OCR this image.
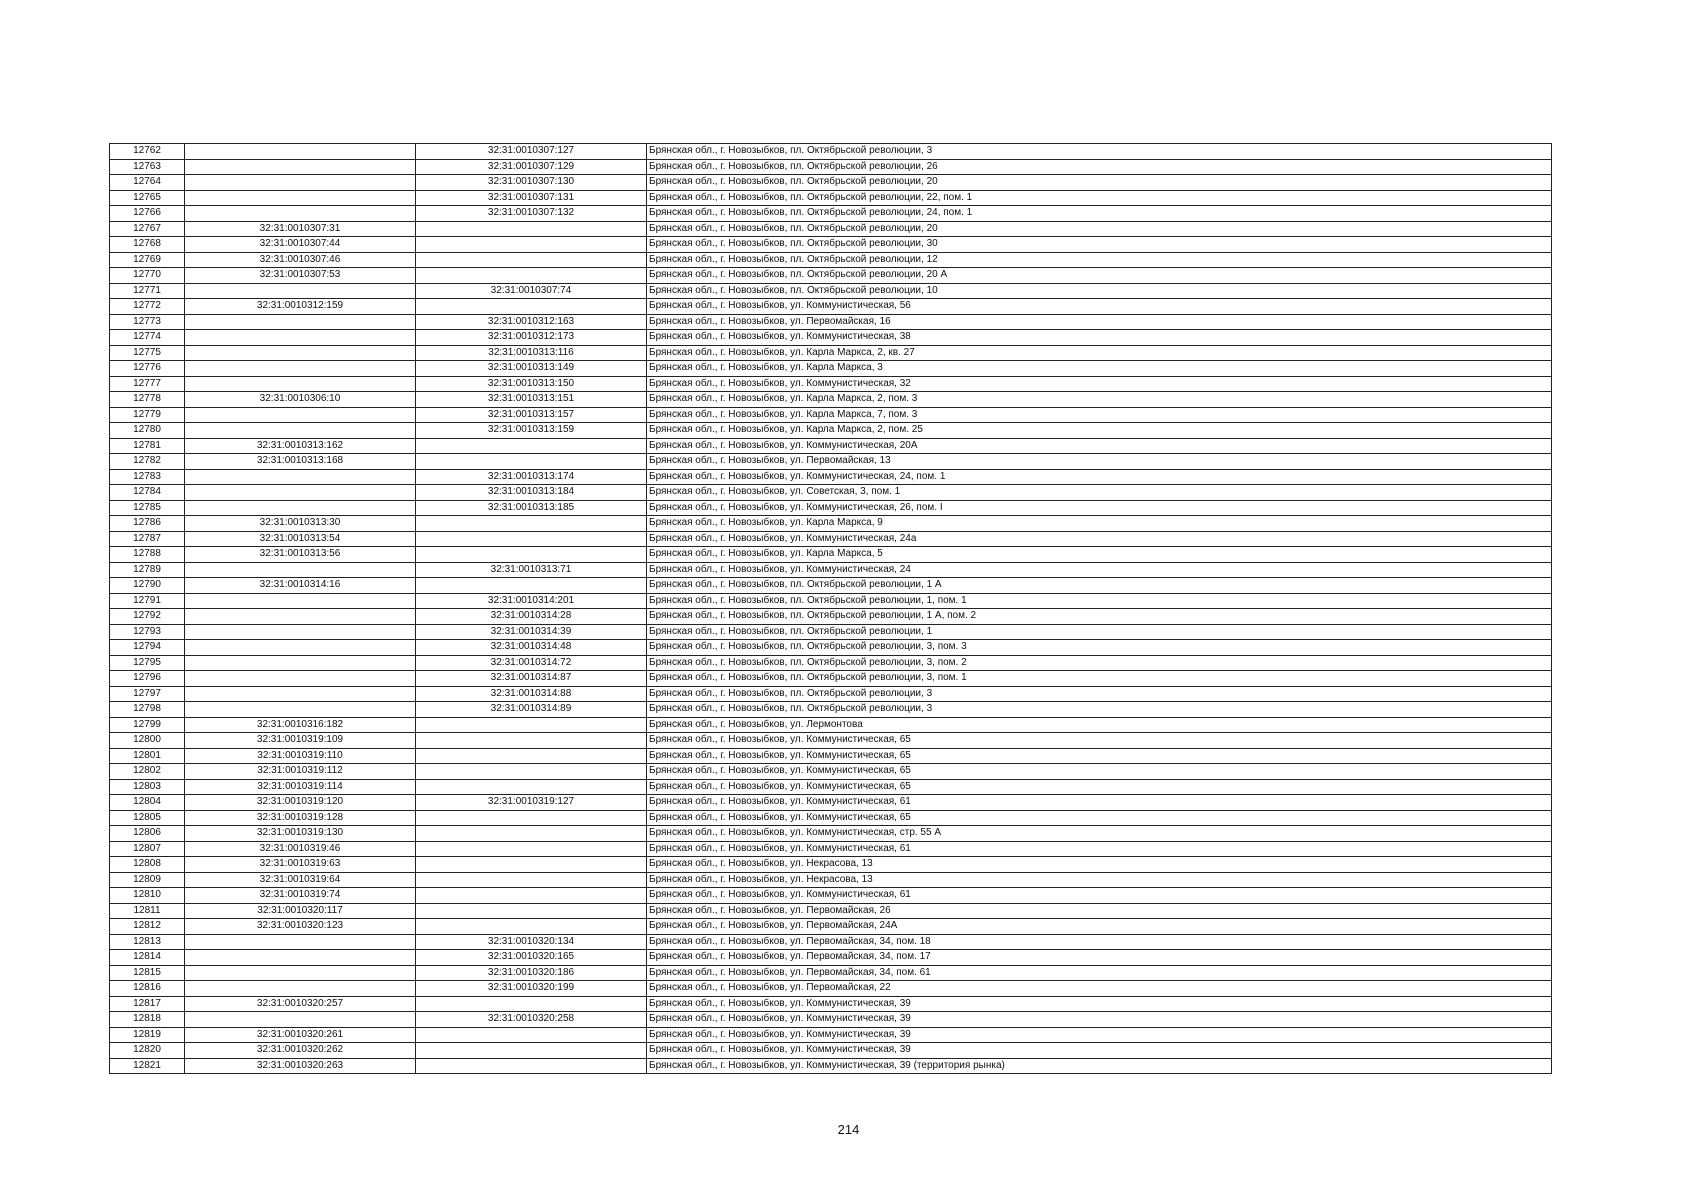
12762		32:31:0010307:127	Брянская обл., г. Новозыбков, пл. Октябрьской революции, 3
12763		32:31:0010307:129	Брянская обл., г. Новозыбков, пл. Октябрьской революции, 26
12764		32:31:0010307:130	Брянская обл., г. Новозыбков, пл. Октябрьской революции, 20
12765		32:31:0010307:131	Брянская обл., г. Новозыбков, пл. Октябрьской революции, 22, пом. 1
12766		32:31:0010307:132	Брянская обл., г. Новозыбков, пл. Октябрьской революции, 24, пом. 1
12767	32:31:0010307:31		Брянская обл., г. Новозыбков, пл. Октябрьской революции, 20
12768	32:31:0010307:44		Брянская обл., г. Новозыбков, пл. Октябрьской революции, 30
12769	32:31:0010307:46		Брянская обл., г. Новозыбков, пл. Октябрьской революции, 12
12770	32:31:0010307:53		Брянская обл., г. Новозыбков, пл. Октябрьской революции, 20 А
12771		32:31:0010307:74	Брянская обл., г. Новозыбков, пл. Октябрьской революции, 10
12772	32:31:0010312:159		Брянская обл., г. Новозыбков, ул. Коммунистическая, 56
12773		32:31:0010312:163	Брянская обл., г. Новозыбков, ул. Первомайская, 16
12774		32:31:0010312:173	Брянская обл., г. Новозыбков, ул. Коммунистическая, 38
12775		32:31:0010313:116	Брянская обл., г. Новозыбков, ул. Карла Маркса, 2, кв. 27
12776		32:31:0010313:149	Брянская обл., г. Новозыбков, ул. Карла Маркса, 3
12777		32:31:0010313:150	Брянская обл., г. Новозыбков, ул. Коммунистическая, 32
12778	32:31:0010306:10	32:31:0010313:151	Брянская обл., г. Новозыбков, ул. Карла Маркса, 2, пом. 3
12779		32:31:0010313:157	Брянская обл., г. Новозыбков, ул. Карла Маркса, 7, пом. 3
12780		32:31:0010313:159	Брянская обл., г. Новозыбков, ул. Карла Маркса, 2, пом. 25
12781	32:31:0010313:162		Брянская обл., г. Новозыбков, ул. Коммунистическая, 20А
12782	32:31:0010313:168		Брянская обл., г. Новозыбков, ул. Первомайская, 13
12783		32:31:0010313:174	Брянская обл., г. Новозыбков, ул. Коммунистическая, 24, пом. 1
12784		32:31:0010313:184	Брянская обл., г. Новозыбков, ул. Советская, 3, пом. 1
12785		32:31:0010313:185	Брянская обл., г. Новозыбков, ул. Коммунистическая, 26, пом. I
12786	32:31:0010313:30		Брянская обл., г. Новозыбков, ул. Карла Маркса, 9
12787	32:31:0010313:54		Брянская обл., г. Новозыбков, ул. Коммунистическая, 24а
12788	32:31:0010313:56		Брянская обл., г. Новозыбков, ул. Карла Маркса, 5
12789		32:31:0010313:71	Брянская обл., г. Новозыбков, ул. Коммунистическая, 24
12790	32:31:0010314:16		Брянская обл., г. Новозыбков, пл. Октябрьской революции, 1 А
12791		32:31:0010314:201	Брянская обл., г. Новозыбков, пл. Октябрьской революции, 1, пом. 1
12792		32:31:0010314:28	Брянская обл., г. Новозыбков, пл. Октябрьской революции, 1 А, пом. 2
12793		32:31:0010314:39	Брянская обл., г. Новозыбков, пл. Октябрьской революции, 1
12794		32:31:0010314:48	Брянская обл., г. Новозыбков, пл. Октябрьской революции, 3, пом. 3
12795		32:31:0010314:72	Брянская обл., г. Новозыбков, пл. Октябрьской революции, 3, пом. 2
12796		32:31:0010314:87	Брянская обл., г. Новозыбков, пл. Октябрьской революции, 3, пом. 1
12797		32:31:0010314:88	Брянская обл., г. Новозыбков, пл. Октябрьской революции, 3
12798		32:31:0010314:89	Брянская обл., г. Новозыбков, пл. Октябрьской революции, 3
12799	32:31:0010316:182		Брянская обл., г. Новозыбков, ул. Лермонтова
12800	32:31:0010319:109		Брянская обл., г. Новозыбков, ул. Коммунистическая, 65
12801	32:31:0010319:110		Брянская обл., г. Новозыбков, ул. Коммунистическая, 65
12802	32:31:0010319:112		Брянская обл., г. Новозыбков, ул. Коммунистическая, 65
12803	32:31:0010319:114		Брянская обл., г. Новозыбков, ул. Коммунистическая, 65
12804	32:31:0010319:120	32:31:0010319:127	Брянская обл., г. Новозыбков, ул. Коммунистическая, 61
12805	32:31:0010319:128		Брянская обл., г. Новозыбков, ул. Коммунистическая, 65
12806	32:31:0010319:130		Брянская обл., г. Новозыбков, ул. Коммунистическая, стр. 55 А
12807	32:31:0010319:46		Брянская обл., г. Новозыбков, ул. Коммунистическая, 61
12808	32:31:0010319:63		Брянская обл., г. Новозыбков, ул. Некрасова, 13
12809	32:31:0010319:64		Брянская обл., г. Новозыбков, ул. Некрасова, 13
12810	32:31:0010319:74		Брянская обл., г. Новозыбков, ул. Коммунистическая, 61
12811	32:31:0010320:117		Брянская обл., г. Новозыбков, ул. Первомайская, 26
12812	32:31:0010320:123		Брянская обл., г. Новозыбков, ул. Первомайская, 24А
12813		32:31:0010320:134	Брянская обл., г. Новозыбков, ул. Первомайская, 34, пом. 18
12814		32:31:0010320:165	Брянская обл., г. Новозыбков, ул. Первомайская, 34, пом. 17
12815		32:31:0010320:186	Брянская обл., г. Новозыбков, ул. Первомайская, 34, пом. 61
12816		32:31:0010320:199	Брянская обл., г. Новозыбков, ул. Первомайская, 22
12817	32:31:0010320:257		Брянская обл., г. Новозыбков, ул. Коммунистическая, 39
12818		32:31:0010320:258	Брянская обл., г. Новозыбков, ул. Коммунистическая, 39
12819	32:31:0010320:261		Брянская обл., г. Новозыбков, ул. Коммунистическая, 39
12820	32:31:0010320:262		Брянская обл., г. Новозыбков, ул. Коммунистическая, 39
12821	32:31:0010320:263		Брянская обл., г. Новозыбков, ул. Коммунистическая, 39 (территория рынка)
214
